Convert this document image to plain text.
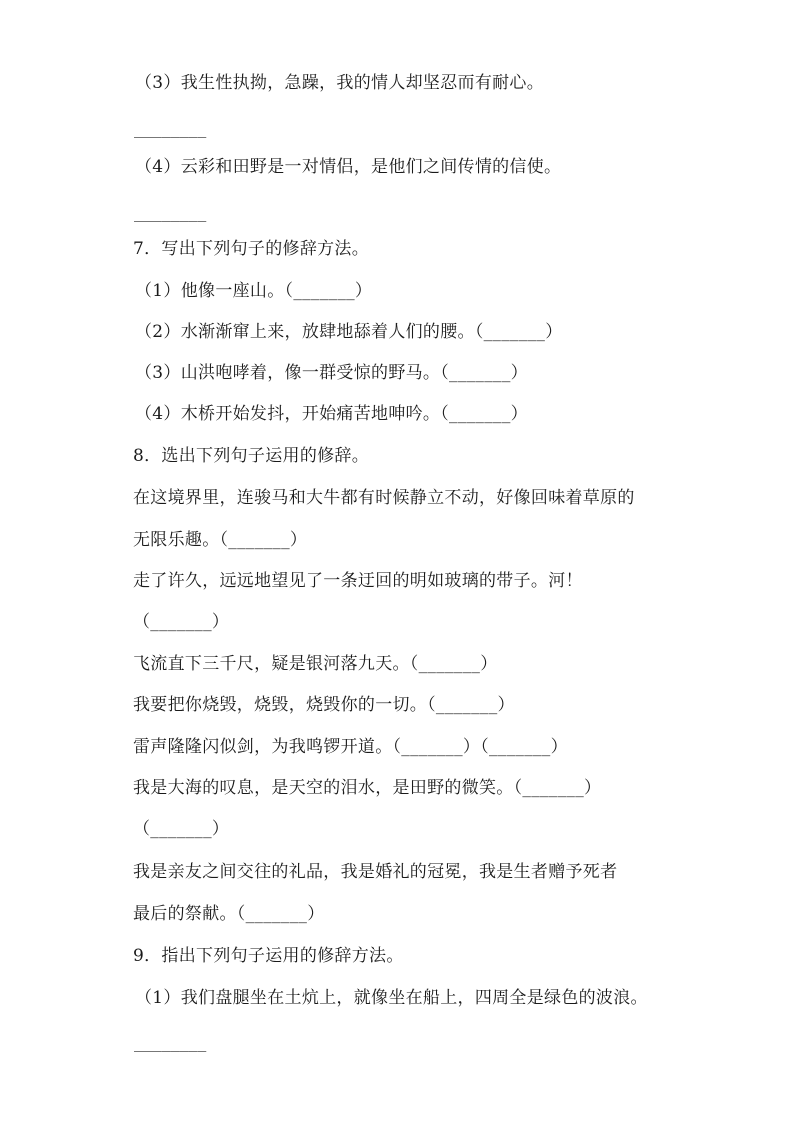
（3）我生性执拗，急躁，我的情人却坚忍而有耐心。
________
（4）云彩和田野是一对情侣，是他们之间传情的信使。
________
7．写出下列句子的修辞方法。
（1）他像一座山。（_______）
（2）水渐渐窜上来，放肆地舔着人们的腰。（_______）
（3）山洪咆哮着，像一群受惊的野马。（_______）
（4）木桥开始发抖，开始痛苦地呻吟。（_______）
8．选出下列句子运用的修辞。
在这境界里，连骏马和大牛都有时候静立不动，好像回味着草原的
无限乐趣。（_______）
走了许久，远远地望见了一条迂回的明如玻璃的带子。河！
（_______）
飞流直下三千尺，疑是银河落九天。（_______）
我要把你烧毁，烧毁，烧毁你的一切。（_______）
雷声隆隆闪似剑，为我鸣锣开道。（_______）（_______）
我是大海的叹息，是天空的泪水，是田野的微笑。（_______）
（_______）
我是亲友之间交往的礼品，我是婚礼的冠冕，我是生者赠予死者
最后的祭献。（_______）
9．指出下列句子运用的修辞方法。
（1）我们盘腿坐在土炕上，就像坐在船上，四周全是绿色的波浪。
________
